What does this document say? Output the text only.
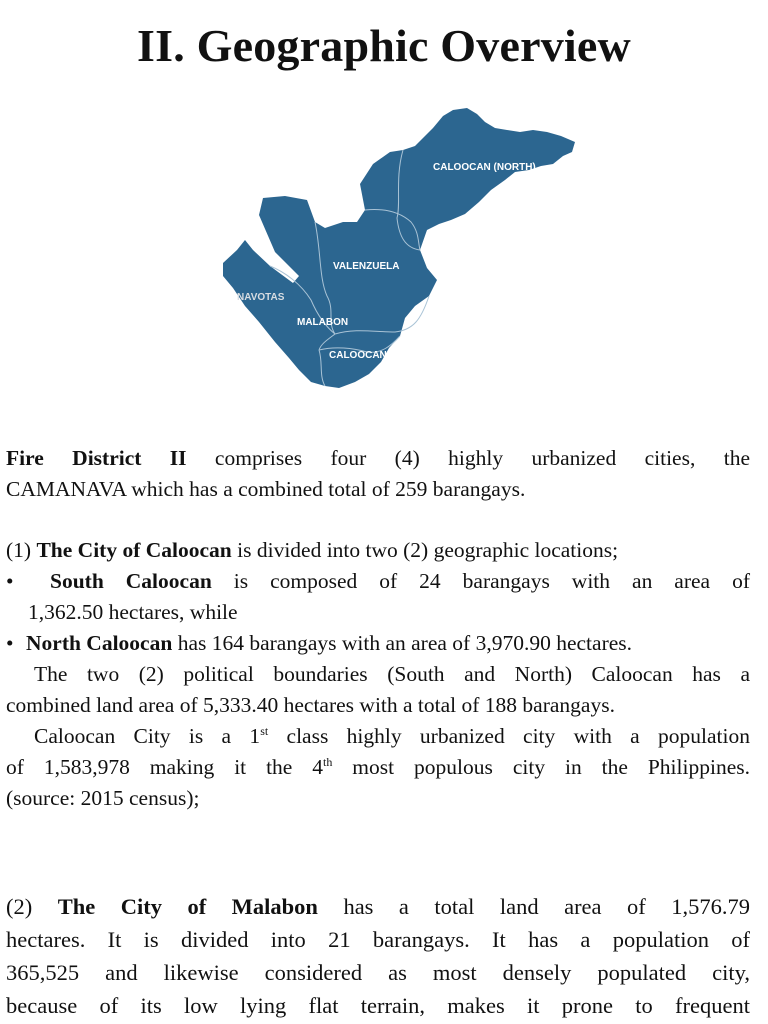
II. Geographic Overview
CALOOCAN (NORTH)
VALENZUELA
NAVOTAS
MALABON
CALOOCAN

Fire District II comprises four (4) highly urbanized cities, the

CAMANAVA which has a combined total of 259 barangays.

(1) The City of Caloocan is divided into two (2) geographic locations;

• South Caloocan is composed of 24 barangays with an area of

1,362.50 hectares, while

• North Caloocan has 164 barangays with an area of 3,970.90 hectares.

The two (2) political boundaries (South and North) Caloocan has a

combined land area of 5,333.40 hectares with a total of 188 barangays.

Caloocan City is a 1st class highly urbanized city with a population

of 1,583,978 making it the 4th most populous city in the Philippines.

(source: 2015 census);

(2) The City of Malabon has a total land area of 1,576.79

hectares. It is divided into 21 barangays. It has a population of

365,525 and likewise considered as most densely populated city,

because of its low lying flat terrain, makes it prone to frequent
